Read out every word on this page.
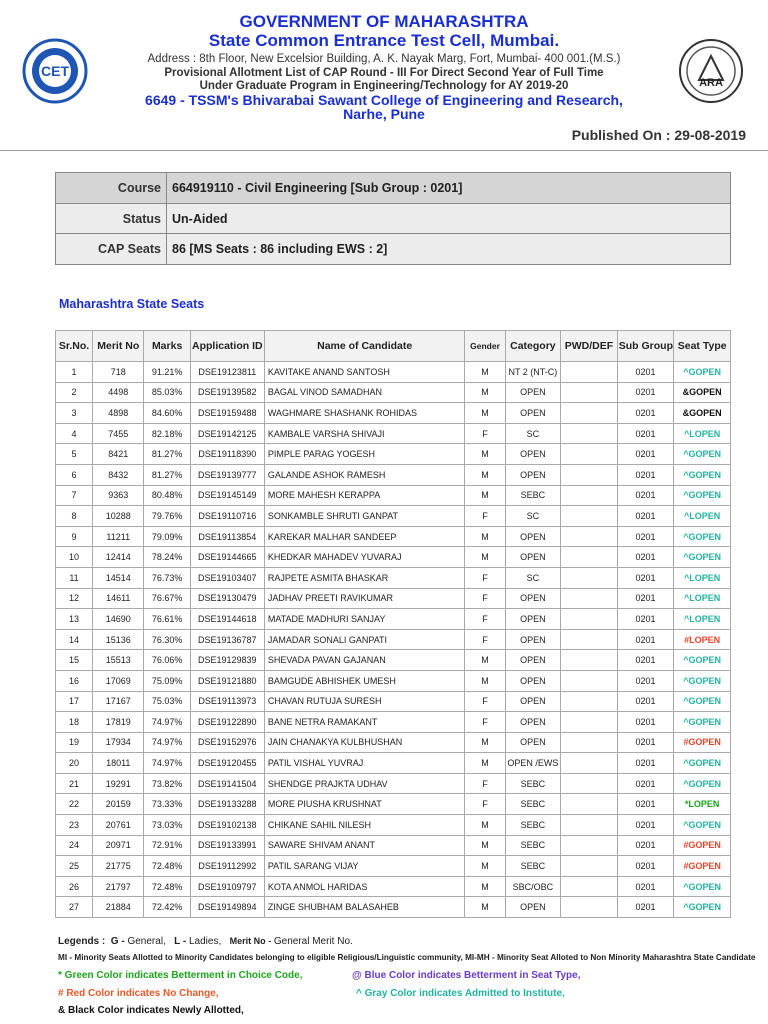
CET
ARA
GOVERNMENT OF MAHARASHTRA
State Common Entrance Test Cell, Mumbai.
Address : 8th Floor, New Excelsior Building, A. K. Nayak Marg, Fort, Mumbai- 400 001.(M.S.)
Provisional Allotment List of CAP Round - III For Direct Second Year of Full Time
Under Graduate Program in Engineering/Technology for AY 2019-20
6649 - TSSM's Bhivarabai Sawant College of Engineering and Research,
Narhe, Pune
Published On : 29-08-2019
Course	664919110 - Civil Engineering [Sub Group : 0201]
Status	Un-Aided
CAP Seats	86 [MS Seats : 86 including EWS : 2]
Maharashtra State Seats
Sr.No.	Merit No	Marks	Application ID	Name of Candidate	Gender	Category	PWD/DEF	Sub Group	Seat Type
1	718	91.21%	DSE19123811	KAVITAKE ANAND SANTOSH	M	NT 2 (NT-C)		0201	^GOPEN
2	4498	85.03%	DSE19139582	BAGAL VINOD SAMADHAN	M	OPEN		0201	&GOPEN
3	4898	84.60%	DSE19159488	WAGHMARE SHASHANK ROHIDAS	M	OPEN		0201	&GOPEN
4	7455	82.18%	DSE19142125	KAMBALE VARSHA SHIVAJI	F	SC		0201	^LOPEN
5	8421	81.27%	DSE19118390	PIMPLE PARAG YOGESH	M	OPEN		0201	^GOPEN
6	8432	81.27%	DSE19139777	GALANDE ASHOK RAMESH	M	OPEN		0201	^GOPEN
7	9363	80.48%	DSE19145149	MORE MAHESH KERAPPA	M	SEBC		0201	^GOPEN
8	10288	79.76%	DSE19110716	SONKAMBLE SHRUTI GANPAT	F	SC		0201	^LOPEN
9	11211	79.09%	DSE19113854	KAREKAR MALHAR SANDEEP	M	OPEN		0201	^GOPEN
10	12414	78.24%	DSE19144665	KHEDKAR MAHADEV YUVARAJ	M	OPEN		0201	^GOPEN
11	14514	76.73%	DSE19103407	RAJPETE ASMITA BHASKAR	F	SC		0201	^LOPEN
12	14611	76.67%	DSE19130479	JADHAV PREETI RAVIKUMAR	F	OPEN		0201	^LOPEN
13	14690	76.61%	DSE19144618	MATADE MADHURI SANJAY	F	OPEN		0201	^LOPEN
14	15136	76.30%	DSE19136787	JAMADAR SONALI GANPATI	F	OPEN		0201	#LOPEN
15	15513	76.06%	DSE19129839	SHEVADA PAVAN GAJANAN	M	OPEN		0201	^GOPEN
16	17069	75.09%	DSE19121880	BAMGUDE ABHISHEK UMESH	M	OPEN		0201	^GOPEN
17	17167	75.03%	DSE19113973	CHAVAN RUTUJA SURESH	F	OPEN		0201	^GOPEN
18	17819	74.97%	DSE19122890	BANE NETRA RAMAKANT	F	OPEN		0201	^GOPEN
19	17934	74.97%	DSE19152976	JAIN CHANAKYA KULBHUSHAN	M	OPEN		0201	#GOPEN
20	18011	74.97%	DSE19120455	PATIL VISHAL YUVRAJ	M	OPEN /EWS		0201	^GOPEN
21	19291	73.82%	DSE19141504	SHENDGE PRAJKTA UDHAV	F	SEBC		0201	^GOPEN
22	20159	73.33%	DSE19133288	MORE PIUSHA KRUSHNAT	F	SEBC		0201	*LOPEN
23	20761	73.03%	DSE19102138	CHIKANE SAHIL NILESH	M	SEBC		0201	^GOPEN
24	20971	72.91%	DSE19133991	SAWARE SHIVAM ANANT	M	SEBC		0201	#GOPEN
25	21775	72.48%	DSE19112992	PATIL SARANG VIJAY	M	SEBC		0201	#GOPEN
26	21797	72.48%	DSE19109797	KOTA ANMOL HARIDAS	M	SBC/OBC		0201	^GOPEN
27	21884	72.42%	DSE19149894	ZINGE SHUBHAM BALASAHEB	M	OPEN		0201	^GOPEN
Legends : G - General, L - Ladies, Merit No - General Merit No.
MI - Minority Seats Allotted to Minority Candidates belonging to eligible Religious/Linguistic community, MI-MH - Minority Seat Alloted to Non Minority Maharashtra State Candidate
* Green Color indicates Betterment in Choice Code,	@ Blue Color indicates Betterment in Seat Type,
# Red Color indicates No Change,	^ Gray Color indicates Admitted to Institute,
& Black Color indicates Newly Allotted,
